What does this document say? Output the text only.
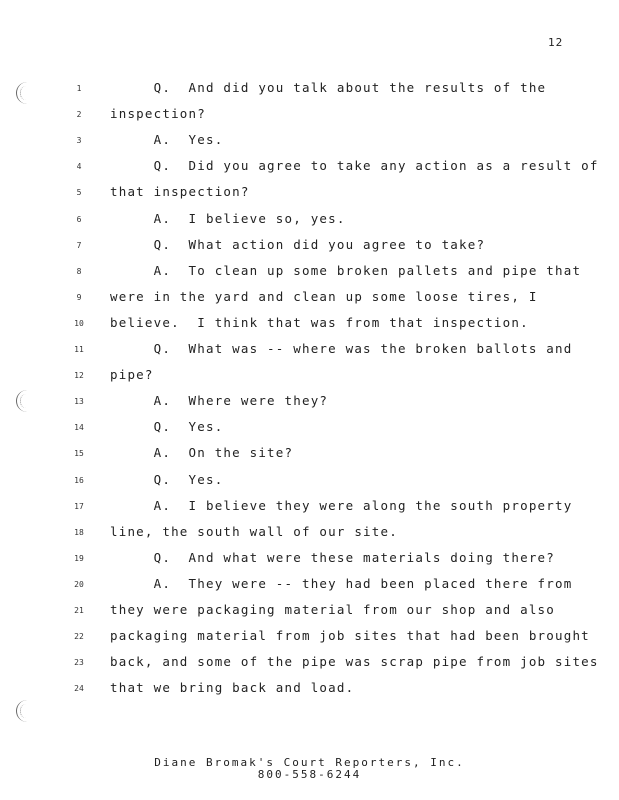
12
1	Q.  And did you talk about the results of the
2	inspection?
3	A.  Yes.
4	Q.  Did you agree to take any action as a result of
5	that inspection?
6	A.  I believe so, yes.
7	Q.  What action did you agree to take?
8	A.  To clean up some broken pallets and pipe that
9	were in the yard and clean up some loose tires, I
10	believe.  I think that was from that inspection.
11	Q.  What was -- where was the broken ballots and
12	pipe?
13	A.  Where were they?
14	Q.  Yes.
15	A.  On the site?
16	Q.  Yes.
17	A.  I believe they were along the south property
18	line, the south wall of our site.
19	Q.  And what were these materials doing there?
20	A.  They were -- they had been placed there from
21	they were packaging material from our shop and also
22	packaging material from job sites that had been brought
23	back, and some of the pipe was scrap pipe from job sites
24	that we bring back and load.
Diane Bromak's Court Reporters, Inc.
800-558-6244
